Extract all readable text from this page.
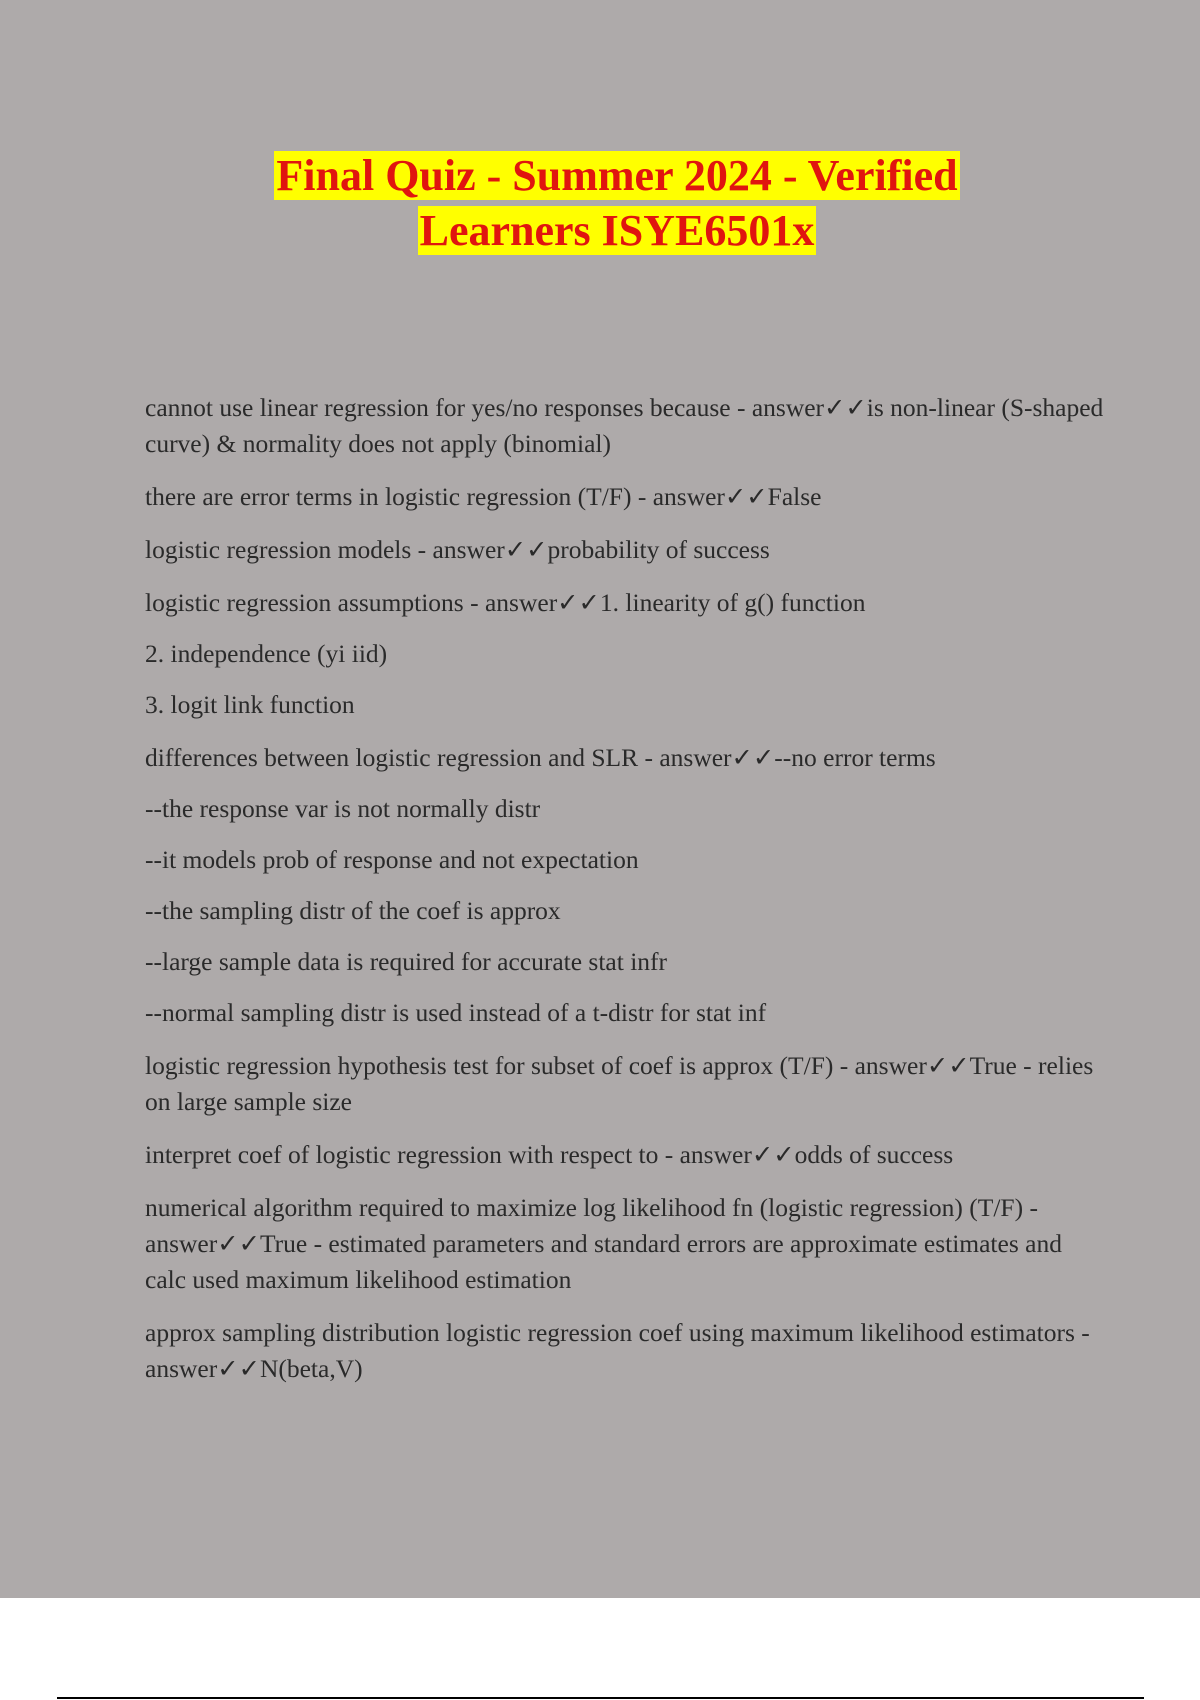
Final Quiz - Summer 2024 - Verified
Learners ISYE6501x

cannot use linear regression for yes/no responses because - answer✓✓is non-linear (S-shaped curve) & normality does not apply (binomial)

there are error terms in logistic regression (T/F) - answer✓✓False

logistic regression models - answer✓✓probability of success

logistic regression assumptions - answer✓✓1. linearity of g() function

2. independence (yi iid)

3. logit link function

differences between logistic regression and SLR - answer✓✓--no error terms

--the response var is not normally distr

--it models prob of response and not expectation

--the sampling distr of the coef is approx

--large sample data is required for accurate stat infr

--normal sampling distr is used instead of a t-distr for stat inf

logistic regression hypothesis test for subset of coef is approx (T/F) - answer✓✓True - relies on large sample size

interpret coef of logistic regression with respect to - answer✓✓odds of success

numerical algorithm required to maximize log likelihood fn (logistic regression) (T/F) - answer✓✓True - estimated parameters and standard errors are approximate estimates and calc used maximum likelihood estimation

approx sampling distribution logistic regression coef using maximum likelihood estimators - answer✓✓N(beta,V)
